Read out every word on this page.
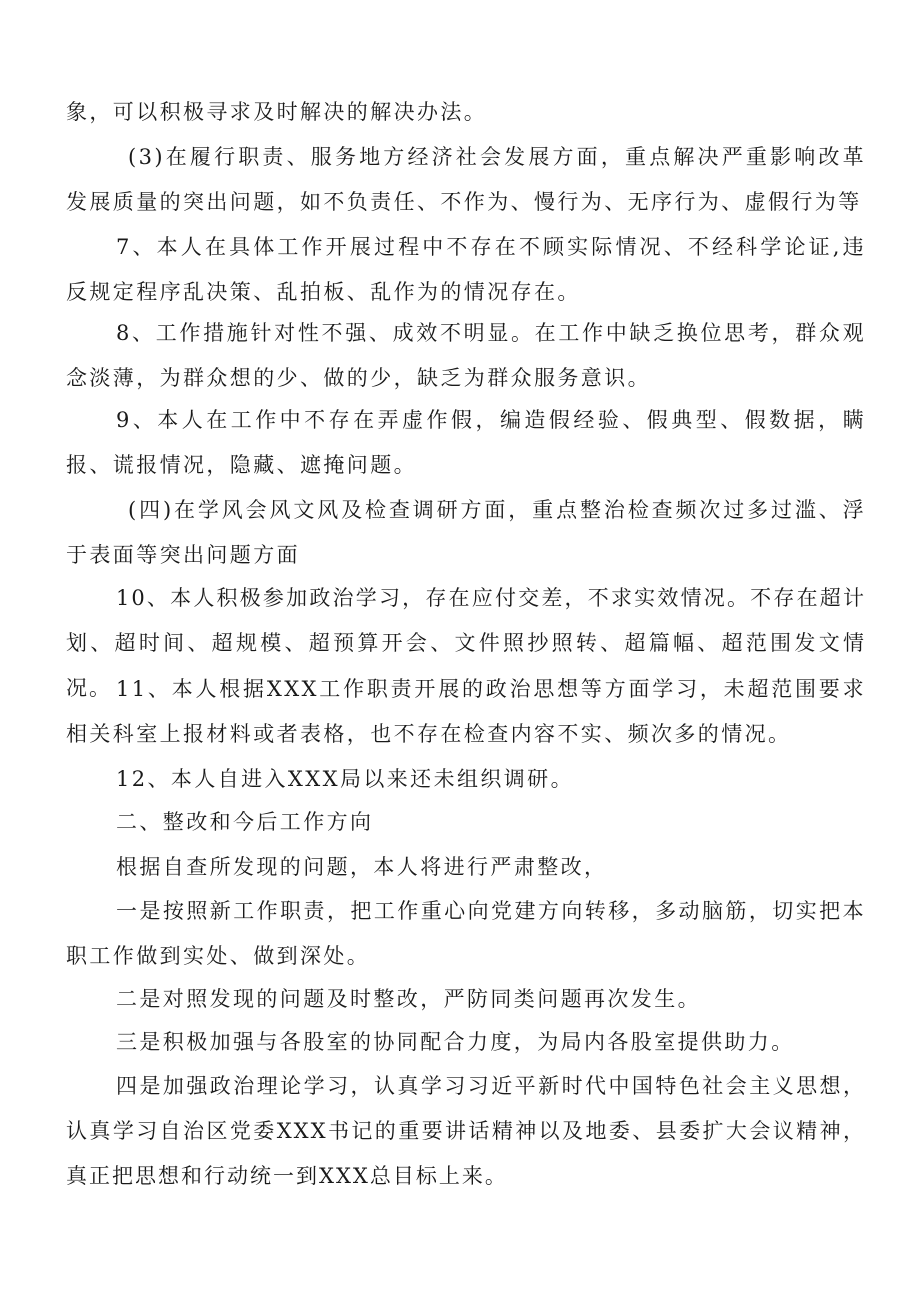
象，可以积极寻求及时解决的解决办法。

(3)在履行职责、服务地方经济社会发展方面，重点解决严重影响改革发展质量的突出问题，如不负责任、不作为、慢行为、无序行为、虚假行为等

7、本人在具体工作开展过程中不存在不顾实际情况、不经科学论证,违反规定程序乱决策、乱拍板、乱作为的情况存在。

8、工作措施针对性不强、成效不明显。在工作中缺乏换位思考，群众观念淡薄，为群众想的少、做的少，缺乏为群众服务意识。

9、本人在工作中不存在弄虚作假，编造假经验、假典型、假数据，瞒报、谎报情况，隐藏、遮掩问题。

(四)在学风会风文风及检查调研方面，重点整治检查频次过多过滥、浮于表面等突出问题方面

10、本人积极参加政治学习，存在应付交差，不求实效情况。不存在超计划、超时间、超规模、超预算开会、文件照抄照转、超篇幅、超范围发文情况。 11、本人根据XXX工作职责开展的政治思想等方面学习，未超范围要求相关科室上报材料或者表格，也不存在检查内容不实、频次多的情况。

12、本人自进入XXX局以来还未组织调研。

二、整改和今后工作方向

根据自查所发现的问题，本人将进行严肃整改，

一是按照新工作职责，把工作重心向党建方向转移，多动脑筋，切实把本职工作做到实处、做到深处。

二是对照发现的问题及时整改，严防同类问题再次发生。

三是积极加强与各股室的协同配合力度，为局内各股室提供助力。

四是加强政治理论学习，认真学习习近平新时代中国特色社会主义思想，认真学习自治区党委XXX书记的重要讲话精神以及地委、县委扩大会议精神，真正把思想和行动统一到XXX总目标上来。
